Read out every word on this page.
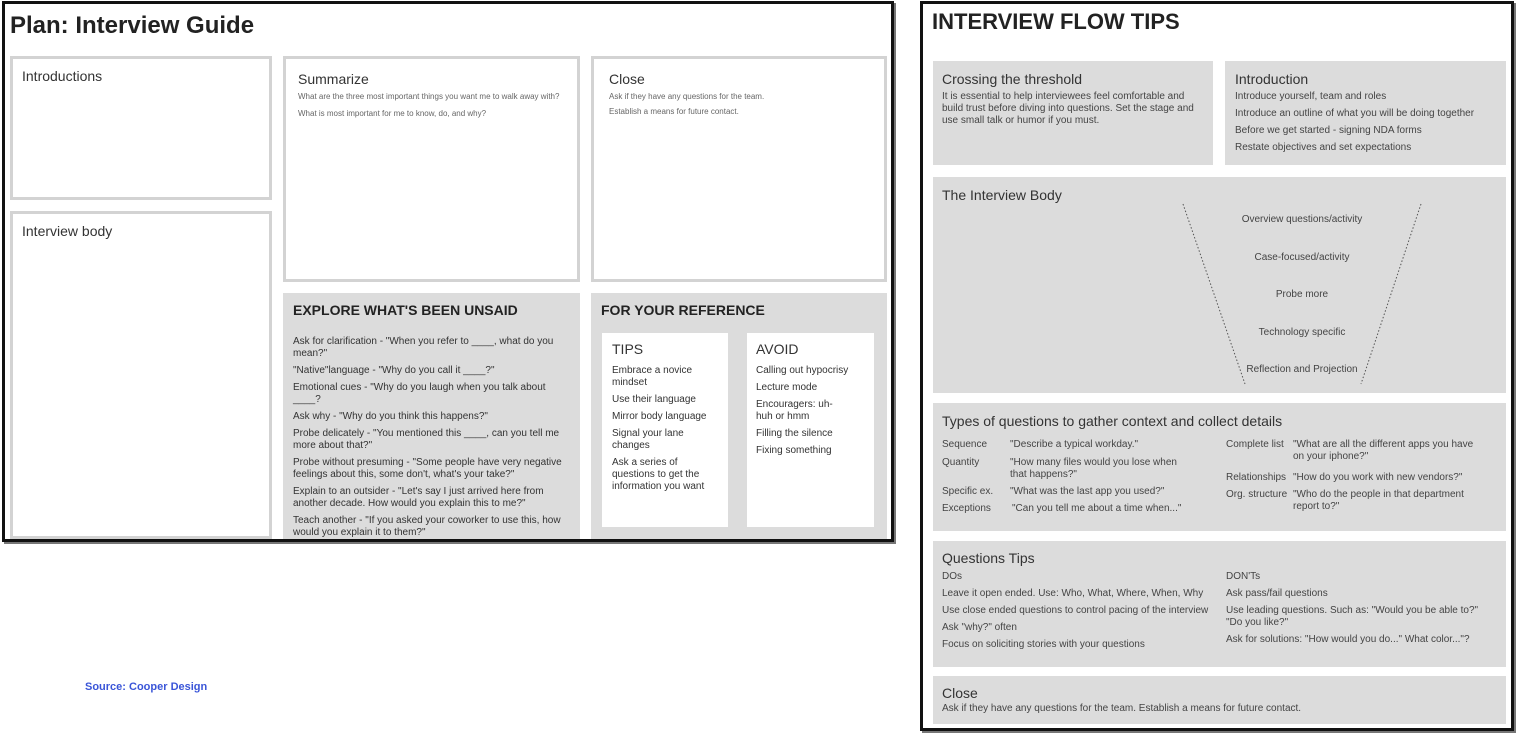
Plan: Interview Guide
Introductions
Interview body
Summarize
What are the three most important things you want me to walk away with?
What is most important for me to know, do, and why?
Close
Ask if they have any questions for the team.
Establish a means for future contact.
EXPLORE WHAT'S BEEN UNSAID
Ask for clarification - "When you refer to ____, what do you mean?"
"Native"language - "Why do you call it ____?"
Emotional cues - "Why do you laugh when you talk about ____?
Ask why - "Why do you think this happens?"
Probe delicately - "You mentioned this ____, can you tell me more about that?"
Probe without presuming - "Some people have very negative feelings about this, some don't, what's your take?"
Explain to an outsider - "Let's say I just arrived here from another decade. How would you explain this to me?"
Teach another - "If you asked your coworker to use this, how would you explain it to them?"
FOR YOUR REFERENCE
TIPS
Embrace a novice mindset
Use their language
Mirror body language
Signal your lane changes
Ask a series of questions to get the information you want
AVOID
Calling out hypocrisy
Lecture mode
Encouragers: uh-huh or hmm
Filling the silence
Fixing something
Source: Cooper Design
INTERVIEW FLOW TIPS
Crossing the threshold
It is essential to help interviewees feel comfortable and build trust before diving into questions. Set the stage and use small talk or humor if you must.
Introduction
Introduce yourself, team and roles
Introduce an outline of what you will be doing together
Before we get started - signing NDA forms
Restate objectives and set expectations
The Interview Body
Overview questions/activity
Case-focused/activity
Probe more
Technology specific
Reflection and Projection
Types of questions to gather context and collect details
Sequence	"Describe a typical workday."
Quantity	"How many files would you lose when that happens?"
Specific ex.	"What was the last app you used?"
Exceptions	"Can you tell me about a time when..."
Complete list "What are all the different apps you have on your iphone?"
Relationships "How do you work with new vendors?"
Org. structure "Who do the people in that department report to?"
Questions Tips
DOs
Leave it open ended. Use: Who, What, Where, When, Why
Use close ended questions to control pacing of the interview
Ask "why?" often
Focus on soliciting stories with your questions
DON'Ts
Ask pass/fail questions
Use leading questions. Such as: "Would you be able to?" "Do you like?"
Ask for solutions: "How would you do..." What color..."?
Close
Ask if they have any questions for the team. Establish a means for future contact.
